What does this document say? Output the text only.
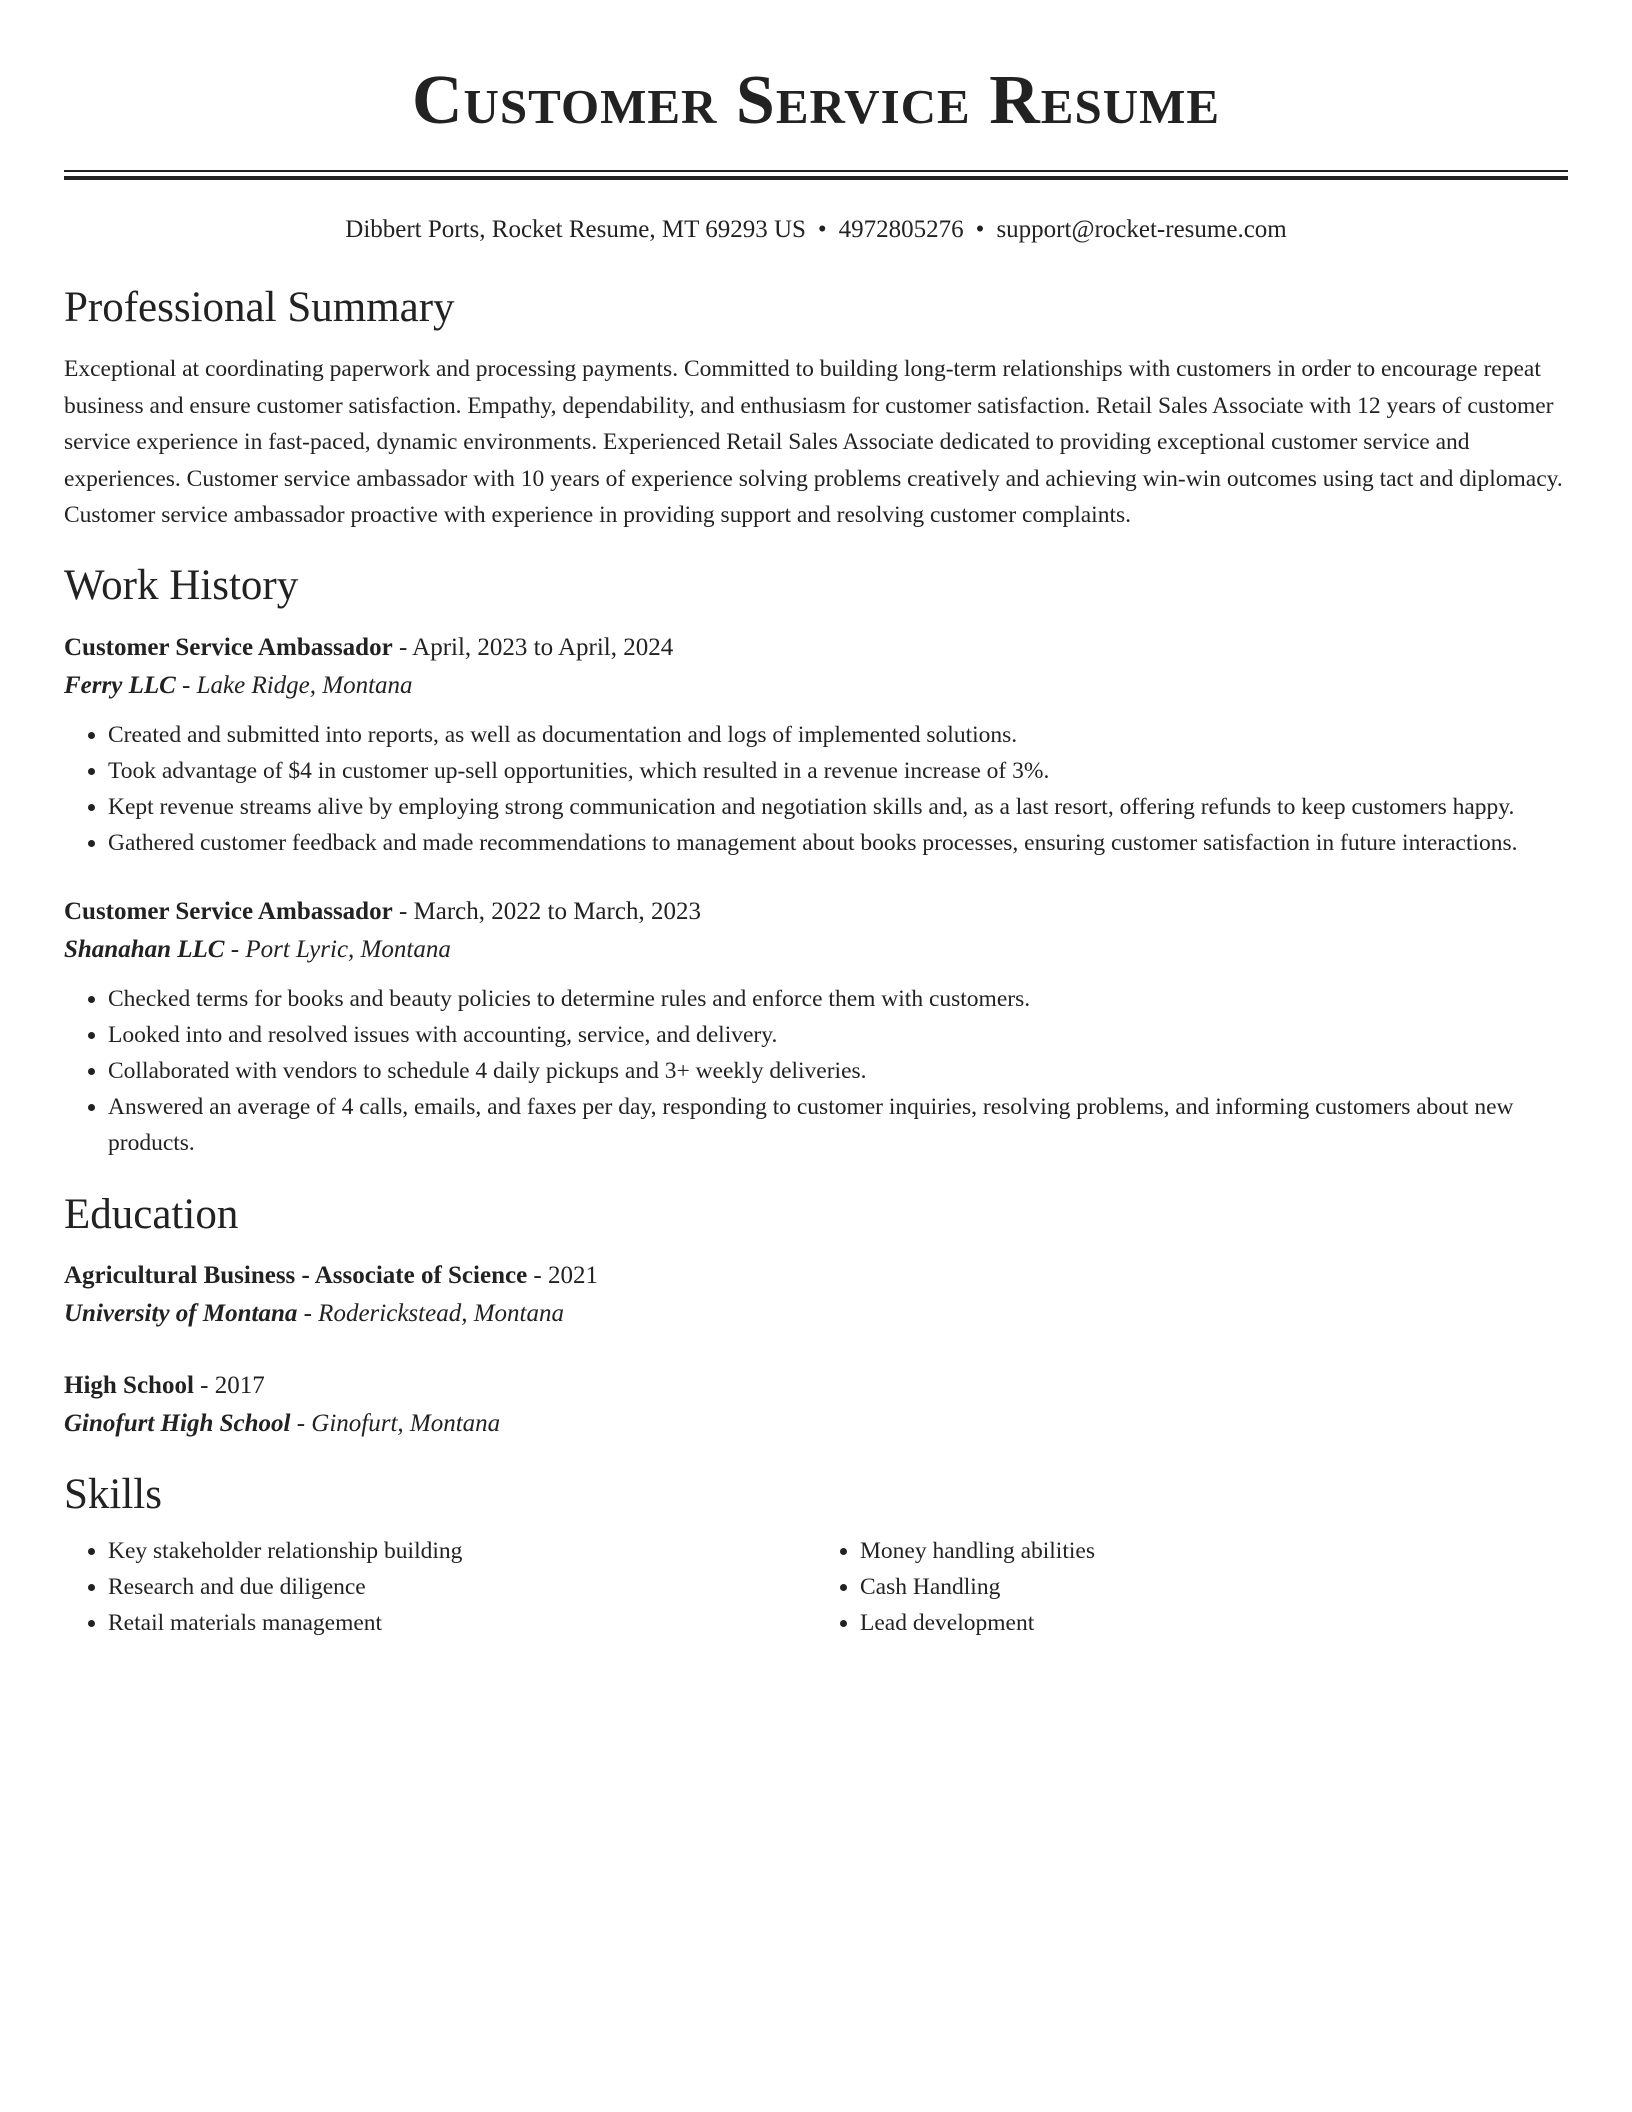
Customer Service Resume
Dibbert Ports, Rocket Resume, MT 69293 US • 4972805276 • support@rocket-resume.com
Professional Summary
Exceptional at coordinating paperwork and processing payments. Committed to building long-term relationships with customers in order to encourage repeat business and ensure customer satisfaction. Empathy, dependability, and enthusiasm for customer satisfaction. Retail Sales Associate with 12 years of customer service experience in fast-paced, dynamic environments. Experienced Retail Sales Associate dedicated to providing exceptional customer service and experiences. Customer service ambassador with 10 years of experience solving problems creatively and achieving win-win outcomes using tact and diplomacy. Customer service ambassador proactive with experience in providing support and resolving customer complaints.
Work History
Customer Service Ambassador - April, 2023 to April, 2024
Ferry LLC - Lake Ridge, Montana
• Created and submitted into reports, as well as documentation and logs of implemented solutions.
• Took advantage of $4 in customer up-sell opportunities, which resulted in a revenue increase of 3%.
• Kept revenue streams alive by employing strong communication and negotiation skills and, as a last resort, offering refunds to keep customers happy.
• Gathered customer feedback and made recommendations to management about books processes, ensuring customer satisfaction in future interactions.
Customer Service Ambassador - March, 2022 to March, 2023
Shanahan LLC - Port Lyric, Montana
• Checked terms for books and beauty policies to determine rules and enforce them with customers.
• Looked into and resolved issues with accounting, service, and delivery.
• Collaborated with vendors to schedule 4 daily pickups and 3+ weekly deliveries.
• Answered an average of 4 calls, emails, and faxes per day, responding to customer inquiries, resolving problems, and informing customers about new products.
Education
Agricultural Business - Associate of Science - 2021
University of Montana - Roderickstead, Montana
High School - 2017
Ginofurt High School - Ginofurt, Montana
Skills
• Key stakeholder relationship building
• Research and due diligence
• Retail materials management
• Money handling abilities
• Cash Handling
• Lead development
